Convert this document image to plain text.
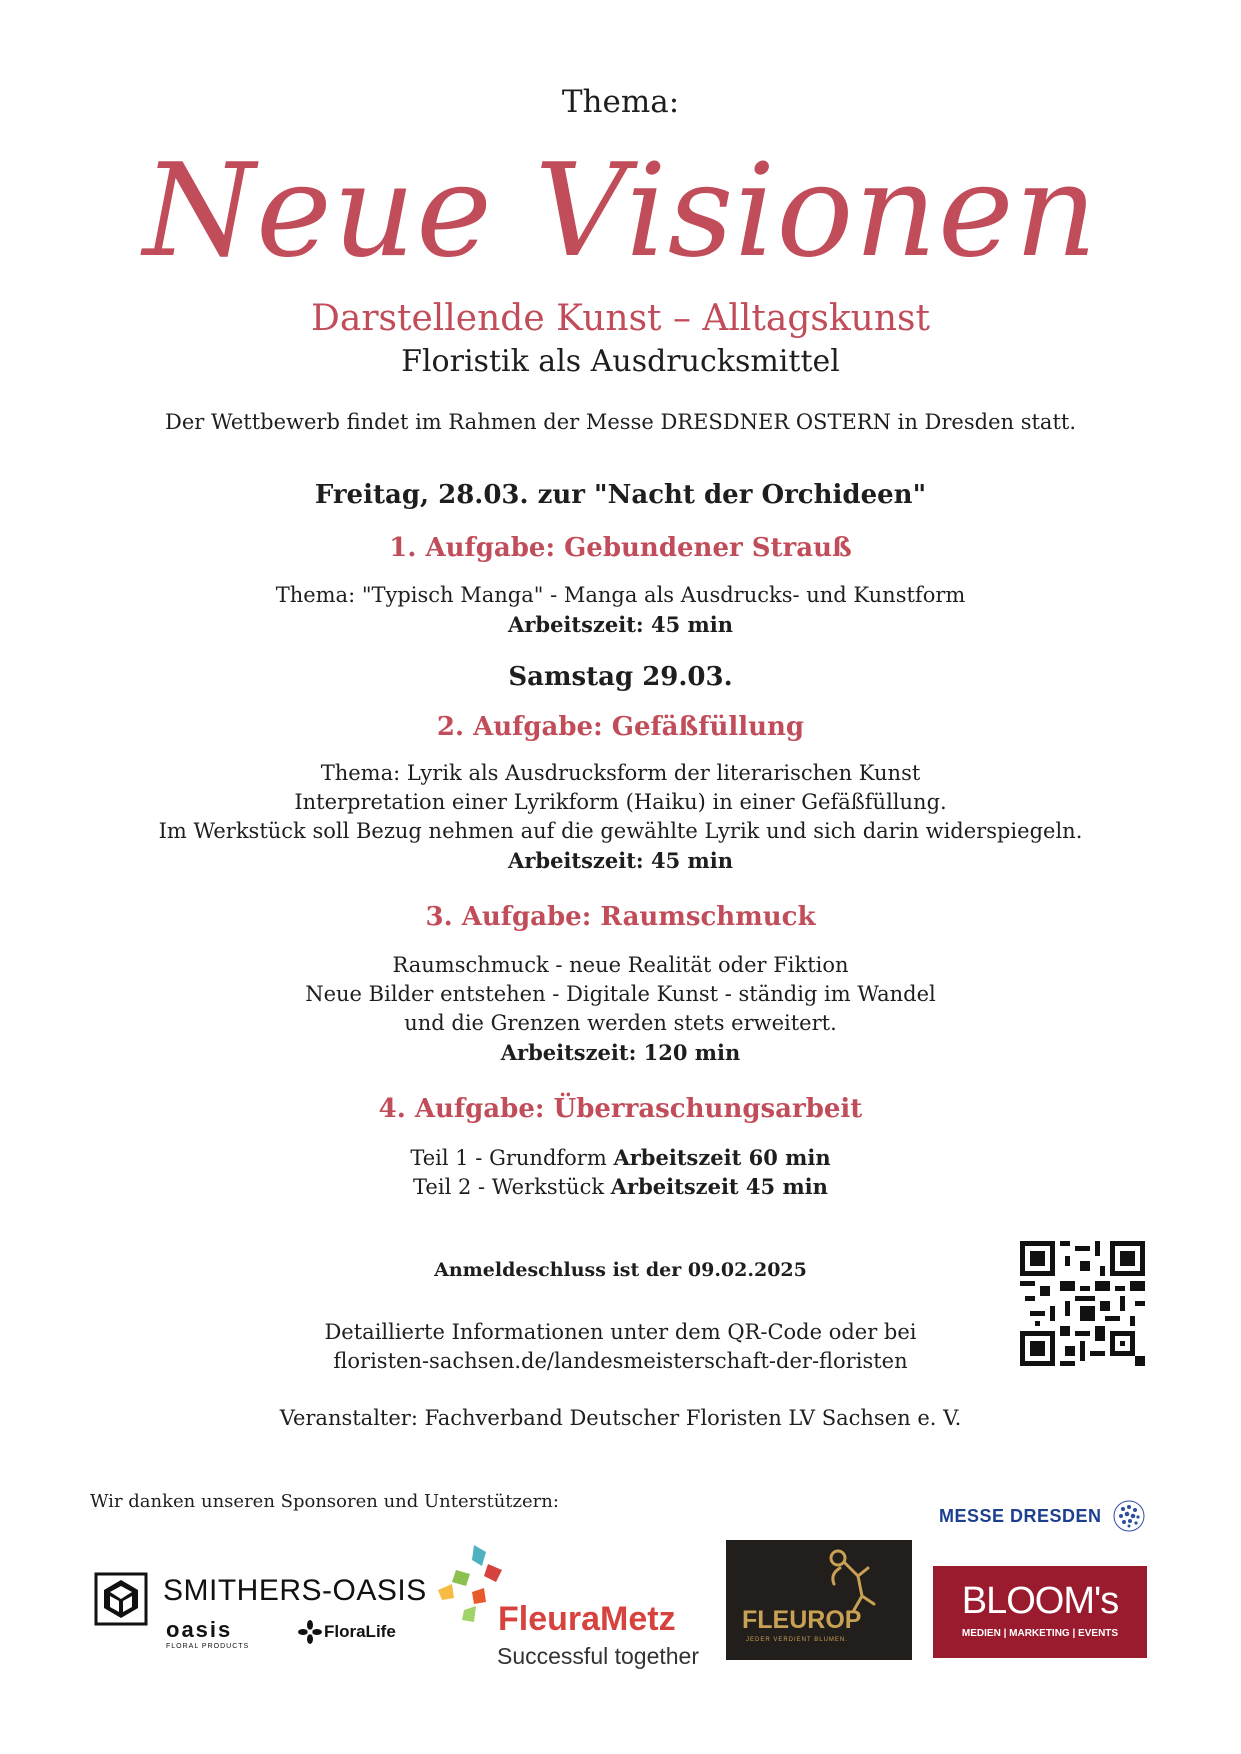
Thema:
Neue Visionen
Darstellende Kunst – Alltagskunst
Floristik als Ausdrucksmittel
Der Wettbewerb findet im Rahmen der Messe DRESDNER OSTERN in Dresden statt.
Freitag, 28.03. zur "Nacht der Orchideen"
1. Aufgabe: Gebundener Strauß
Thema: "Typisch Manga" - Manga als Ausdrucks- und Kunstform
Arbeitszeit: 45 min
Samstag 29.03.
2. Aufgabe: Gefäßfüllung
Thema: Lyrik als Ausdrucksform der literarischen Kunst
Interpretation einer Lyrikform (Haiku) in einer Gefäßfüllung.
Im Werkstück soll Bezug nehmen auf die gewählte Lyrik und sich darin widerspiegeln.
Arbeitszeit: 45 min
3. Aufgabe: Raumschmuck
Raumschmuck - neue Realität oder Fiktion
Neue Bilder entstehen - Digitale Kunst - ständig im Wandel
und die Grenzen werden stets erweitert.
Arbeitszeit: 120 min
4. Aufgabe: Überraschungsarbeit
Teil 1 - Grundform Arbeitszeit 60 min
Teil 2 - Werkstück Arbeitszeit 45 min
Anmeldeschluss ist der 09.02.2025
Detaillierte Informationen unter dem QR-Code oder bei
floristen-sachsen.de/landesmeisterschaft-der-floristen
Veranstalter: Fachverband Deutscher Floristen LV Sachsen e. V.
Wir danken unseren Sponsoren und Unterstützern:
MESSE DRESDEN
SMITHERS-OASIS
oasis
FLORAL PRODUCTS
FloraLife	FleuraMetz
Successful together
FLEUROP
JEDER VERDIENT BLUMEN.
BLOOM's
MEDIEN | MARKETING | EVENTS
